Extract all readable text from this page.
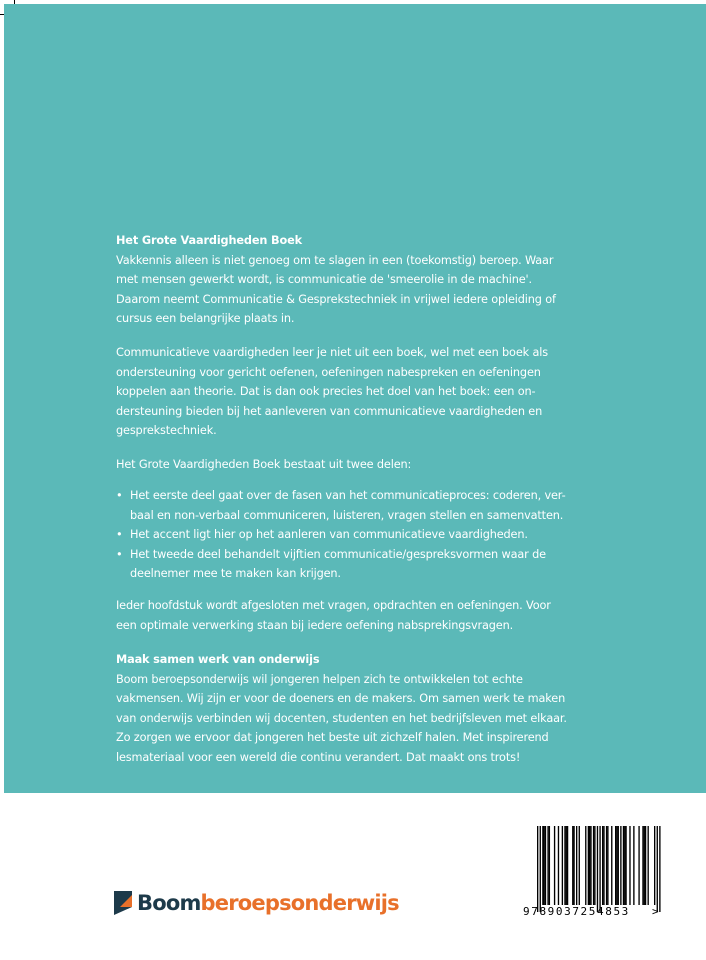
Het Grote Vaardigheden Boek
Vakkennis alleen is niet genoeg om te slagen in een (toekomstig) beroep. Waar
met mensen gewerkt wordt, is communicatie de 'smeerolie in de machine'.
Daarom neemt Communicatie & Gesprekstechniek in vrijwel iedere opleiding of
cursus een belangrijke plaats in.
Communicatieve vaardigheden leer je niet uit een boek, wel met een boek als
ondersteuning voor gericht oefenen, oefeningen nabespreken en oefeningen
koppelen aan theorie. Dat is dan ook precies het doel van het boek: een on-
dersteuning bieden bij het aanleveren van communicatieve vaardigheden en
gesprekstechniek.
Het Grote Vaardigheden Boek bestaat uit twee delen:
• Het eerste deel gaat over de fasen van het communicatieproces: coderen, ver-
baal en non-verbaal communiceren, luisteren, vragen stellen en samenvatten.
• Het accent ligt hier op het aanleren van communicatieve vaardigheden.
• Het tweede deel behandelt vijftien communicatie/gespreksvormen waar de
deelnemer mee te maken kan krijgen.
Ieder hoofdstuk wordt afgesloten met vragen, opdrachten en oefeningen. Voor
een optimale verwerking staan bij iedere oefening nabsprekingsvragen.
Maak samen werk van onderwijs
Boom beroepsonderwijs wil jongeren helpen zich te ontwikkelen tot echte
vakmensen. Wij zijn er voor de doeners en de makers. Om samen werk te maken
van onderwijs verbinden wij docenten, studenten en het bedrijfsleven met elkaar.
Zo zorgen we ervoor dat jongeren het beste uit zichzelf halen. Met inspirerend
lesmateriaal voor een wereld die continu verandert. Dat maakt ons trots!
Boomberoepsonderwijs	9789037254853 >
